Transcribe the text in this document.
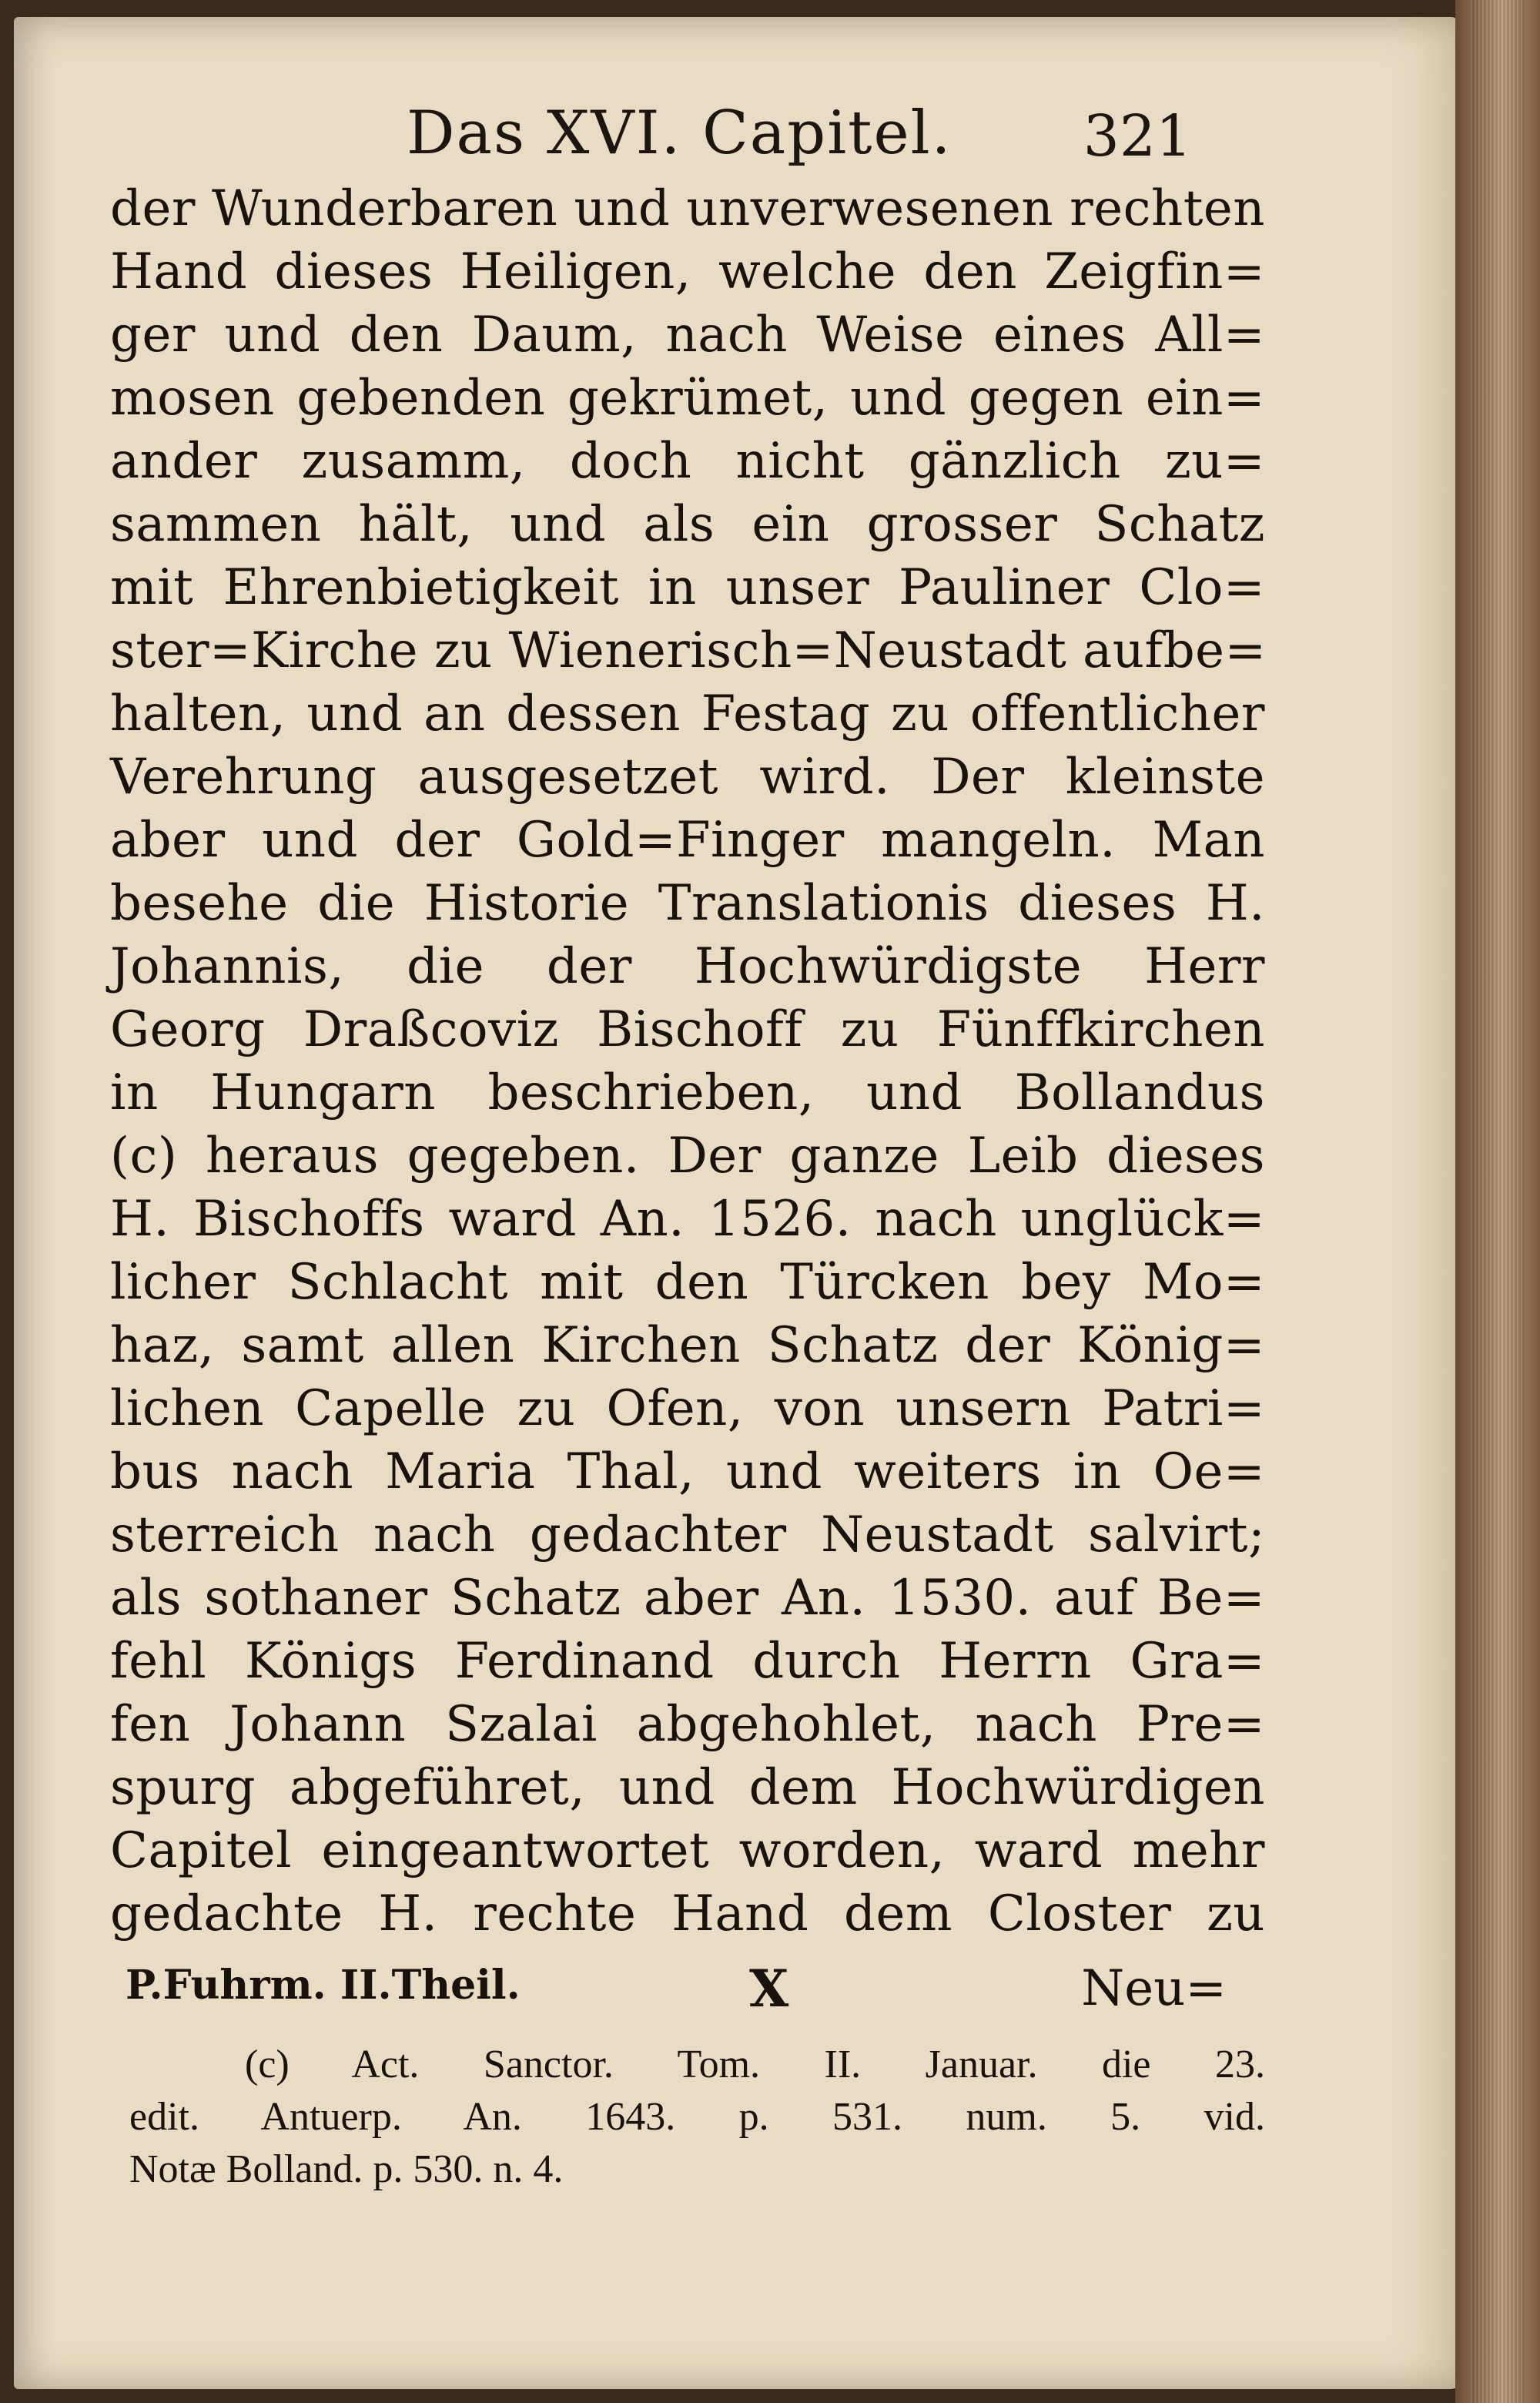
Das XVI. Capitel. 321
der Wunderbaren und unverwesenen rechten
Hand dieses Heiligen, welche den Zeigfin=
ger und den Daum, nach Weise eines All=
mosen gebenden gekrümet, und gegen ein=
ander zusamm, doch nicht gänzlich zu=
sammen hält, und als ein grosser Schatz
mit Ehrenbietigkeit in unser Pauliner Clo=
ster=Kirche zu Wienerisch=Neustadt aufbe=
halten, und an dessen Festag zu offentlicher
Verehrung ausgesetzet wird. Der kleinste
aber und der Gold=Finger mangeln. Man
besehe die Historie Translationis dieses H.
Johannis, die der Hochwürdigste Herr
Georg Draßcoviz Bischoff zu Fünffkirchen
in Hungarn beschrieben, und Bollandus
(c) heraus gegeben. Der ganze Leib dieses
H. Bischoffs ward An. 1526. nach unglück=
licher Schlacht mit den Türcken bey Mo=
haz, samt allen Kirchen Schatz der König=
lichen Capelle zu Ofen, von unsern Patri=
bus nach Maria Thal, und weiters in Oe=
sterreich nach gedachter Neustadt salvirt;
als sothaner Schatz aber An. 1530. auf Be=
fehl Königs Ferdinand durch Herrn Gra=
fen Johann Szalai abgehohlet, nach Pre=
spurg abgeführet, und dem Hochwürdigen
Capitel eingeantwortet worden, ward mehr
gedachte H. rechte Hand dem Closter zu
P.Fuhrm. II.Theil.	X	Neu=
(c) Act. Sanctor. Tom. II. Januar. die 23.
edit. Antuerp. An. 1643. p. 531. num. 5. vid.
Notæ Bolland. p. 530. n. 4.
